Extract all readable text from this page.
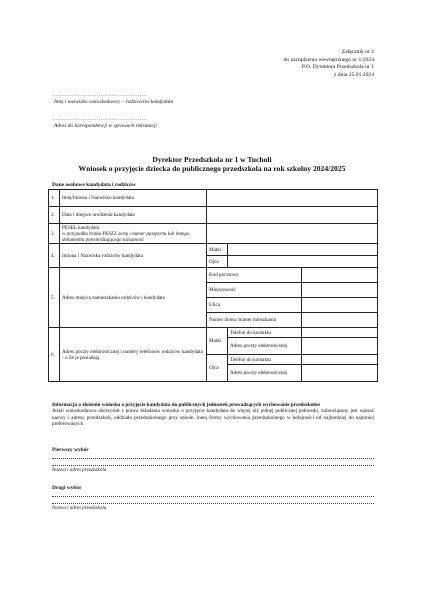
Załącznik nr 2
do zarządzenia wewnętrznego nr 1/2024
P.O. Dyrektora Przedszkola nr 1
z dnia 25.01.2024
……………………………………………
Imię i nazwisko wnioskodawcy – rodzica/ów kandydata
……………………………………………
Adres do korespondencji w sprawach rekrutacji
Dyrektor Przedszkola nr 1 w Tucholi
Wniosek o przyjęcie dziecka do publicznego przedszkola na rok szkolny 2024/2025
Dane osobowe kandydata i rodziców
1.	Imię/Imiona i Nazwisko kandydata			
2.	Data i miejsce urodzenia kandydata			
3.	PESEL kandydata
w przypadku braku PESEL serię i numer paszportu lub innego dokumentu potwierdzającego tożsamość			

4.	Imiona i Nazwiska rodziców kandydata	Matki		
		Ojca		
5.	Adres miejsca zamieszkania rodziców i kandydata	Kod pocztowy		
		Miejscowość		
		Ulica		
		Numer domu /numer mieszkania		
6.	Adres poczty elektronicznej i numery telefonów rodziców kandydata - o ile je posiadają	Matki	Telefon do kontaktu	
			Adres poczty elektronicznej	
		Ojca	Telefon do kontaktu	
			Adres poczty elektronicznej	
Informacja o złożeniu wniosku o przyjęcie kandydata do publicznych jednostek prowadzących wychowanie przedszkolne
Jeżeli wnioskodawca skorzystał z prawa składania wniosku o przyjęcie kandydata do więcej niż jednej publicznej jednostki, zobowiązany jest wpisać nazwy i adresy przedszkoli, oddziału przedszkolnego przy szkole, innej formy wychowania przedszkolnego w kolejności od najbardziej do najmniej preferowanych
Pierwszy wybór
Nazwa i adres przedszkola
Drugi wybór
Nazwa i adres przedszkola
